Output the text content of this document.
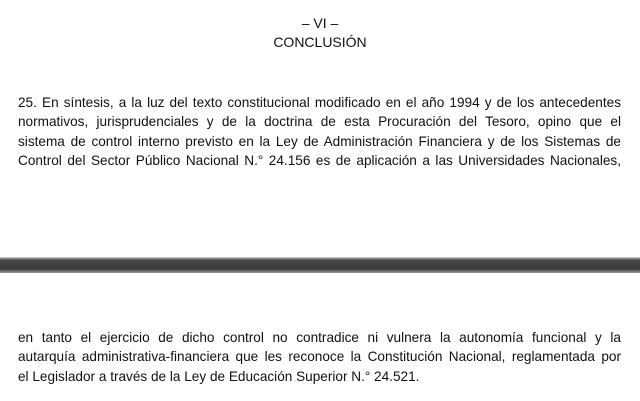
– VI –
CONCLUSIÓN
25. En síntesis, a la luz del texto constitucional modificado en el año 1994 y de los antecedentes
normativos, jurisprudenciales y de la doctrina de esta Procuración del Tesoro, opino que el
sistema de control interno previsto en la Ley de Administración Financiera y de los Sistemas de
Control del Sector Público Nacional N.° 24.156 es de aplicación a las Universidades Nacionales,
en tanto el ejercicio de dicho control no contradice ni vulnera la autonomía funcional y la
autarquía administrativa-financiera que les reconoce la Constitución Nacional, reglamentada por
el Legislador a través de la Ley de Educación Superior N.° 24.521.
